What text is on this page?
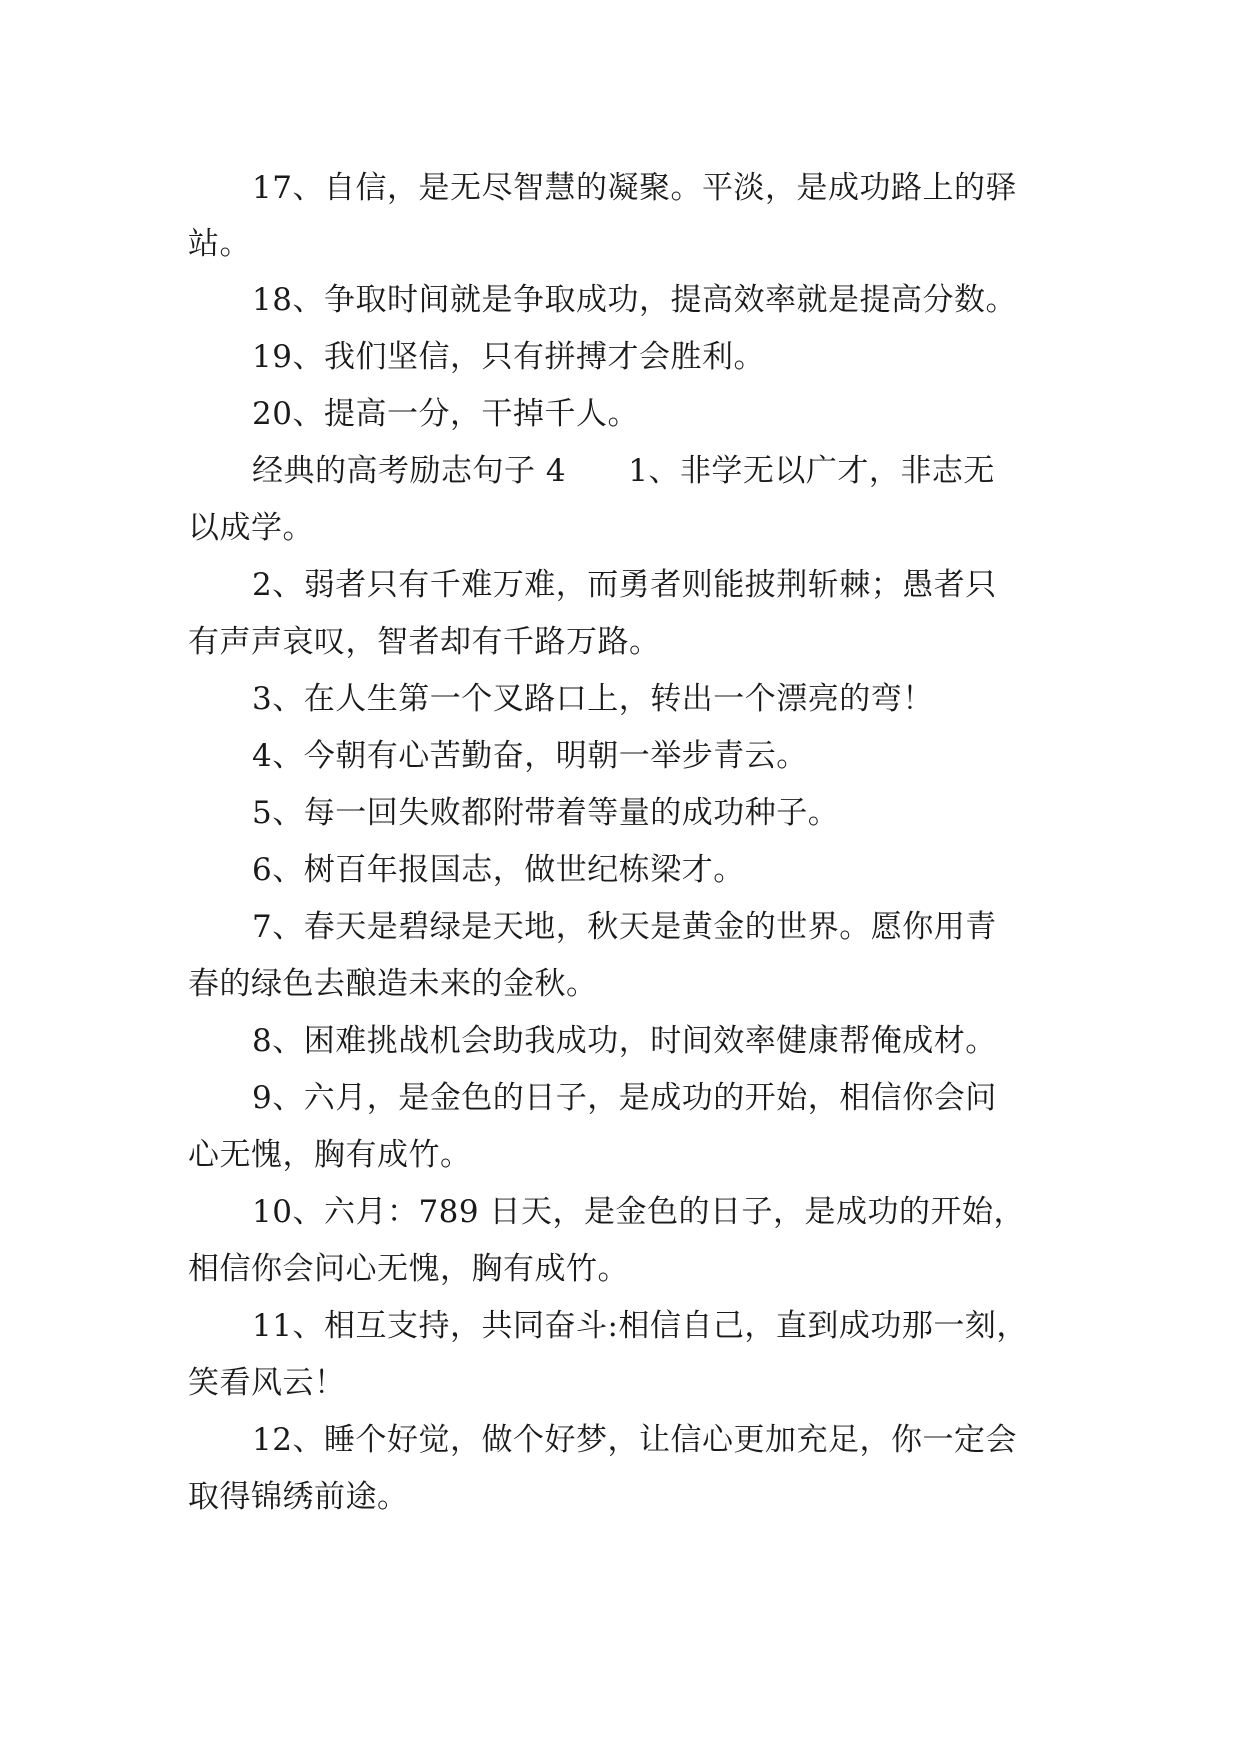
17、自信，是无尽智慧的凝聚。平淡，是成功路上的驿
站。
18、争取时间就是争取成功，提高效率就是提高分数。
19、我们坚信，只有拼搏才会胜利。
20、提高一分，干掉千人。
经典的高考励志句子 4      1、非学无以广才，非志无
以成学。
2、弱者只有千难万难，而勇者则能披荆斩棘；愚者只
有声声哀叹，智者却有千路万路。
3、在人生第一个叉路口上，转出一个漂亮的弯！
4、今朝有心苦勤奋，明朝一举步青云。
5、每一回失败都附带着等量的成功种子。
6、树百年报国志，做世纪栋梁才。
7、春天是碧绿是天地，秋天是黄金的世界。愿你用青
春的绿色去酿造未来的金秋。
8、困难挑战机会助我成功，时间效率健康帮俺成材。
9、六月，是金色的日子，是成功的开始，相信你会问
心无愧，胸有成竹。
10、六月：789 日天，是金色的日子，是成功的开始，
相信你会问心无愧，胸有成竹。
11、相互支持，共同奋斗:相信自己，直到成功那一刻，
笑看风云！
12、睡个好觉，做个好梦，让信心更加充足，你一定会
取得锦绣前途。
